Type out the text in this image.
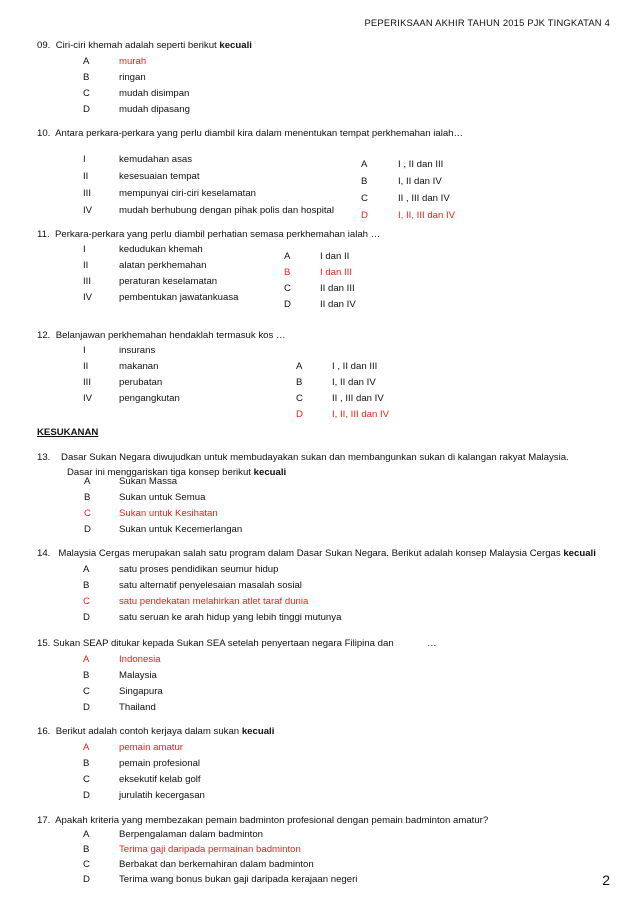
PEPERIKSAAN AKHIR TAHUN 2015 PJK TINGKATAN 4
09. Ciri-ciri khemah adalah seperti berikut kecuali
A	murah
B	ringan
C	mudah disimpan
D	mudah dipasang
10. Antara perkara-perkara yang perlu diambil kira dalam menentukan tempat perkhemahan ialah…
I	kemudahan asas
II	kesesuaian tempat
III	mempunyai ciri-ciri keselamatan
IV	mudah berhubung dengan pihak polis dan hospital
A	I , II dan III
B	I, II dan IV
C	II , III dan IV
D	I, II, III dan IV
11. Perkara-perkara yang perlu diambil perhatian semasa perkhemahan ialah …
I	kedudukan khemah
II	alatan perkhemahan
III	peraturan keselamatan
IV	pembentukan jawatankuasa
A	I dan II
B	I dan III
C	II dan III
D	II dan IV
12. Belanjawan perkhemahan hendaklah termasuk kos …
I	insurans
II	makanan
III	perubatan
IV	pengangkutan
A	I , II dan III
B	I, II dan IV
C	II , III dan IV
D	I, II, III dan IV
KESUKANAN
13. Dasar Sukan Negara diwujudkan untuk membudayakan sukan dan membangunkan sukan di kalangan rakyat Malaysia.
Dasar ini menggariskan tiga konsep berikut kecuali
A	Sukan Massa
B	Sukan untuk Semua
C	Sukan untuk Kesihatan
D	Sukan untuk Kecemerlangan
14. Malaysia Cergas merupakan salah satu program dalam Dasar Sukan Negara. Berikut adalah konsep Malaysia Cergas kecuali
A	satu proses pendidikan seumur hidup
B	satu alternatif penyelesaian masalah sosial
C	satu pendekatan melahirkan atlet taraf dunia
D	satu seruan ke arah hidup yang lebih tinggi mutunya
15. Sukan SEAP ditukar kepada Sukan SEA setelah penyertaan negara Filipina dan	…
A	Indonesia
B	Malaysia
C	Singapura
D	Thailand
16. Berikut adalah contoh kerjaya dalam sukan kecuali
A	pemain amatur
B	pemain profesional
C	eksekutif kelab golf
D	jurulatih kecergasan
17. Apakah kriteria yang membezakan pemain badminton profesional dengan pemain badminton amatur?
A	Berpengalaman dalam badminton
B	Terima gaji daripada permainan badminton
C	Berbakat dan berkemahiran dalam badminton
D	Terima wang bonus bukan gaji daripada kerajaan negeri	2
